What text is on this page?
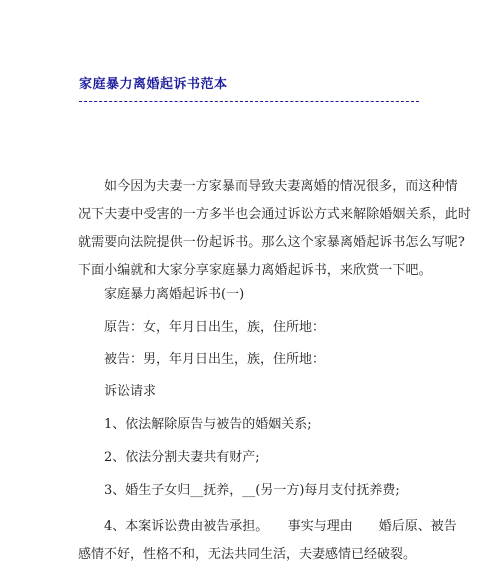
家庭暴力离婚起诉书范本

如今因为夫妻一方家暴而导致夫妻离婚的情况很多，而这种情
况下夫妻中受害的一方多半也会通过诉讼方式来解除婚姻关系，此时
就需要向法院提供一份起诉书。那么这个家暴离婚起诉书怎么写呢?
下面小编就和大家分享家庭暴力离婚起诉书，来欣赏一下吧。

家庭暴力离婚起诉书(一)

原告：女，年月日出生，族，住所地：

被告：男，年月日出生，族，住所地：

诉讼请求

1、依法解除原告与被告的婚姻关系;

2、依法分割夫妻共有财产;

3、婚生子女归__抚养，__(另一方)每月支付抚养费;

4、本案诉讼费由被告承担。　　事实与理由　　婚后原、被告
感情不好，性格不和，无法共同生活，夫妻感情已经破裂。
